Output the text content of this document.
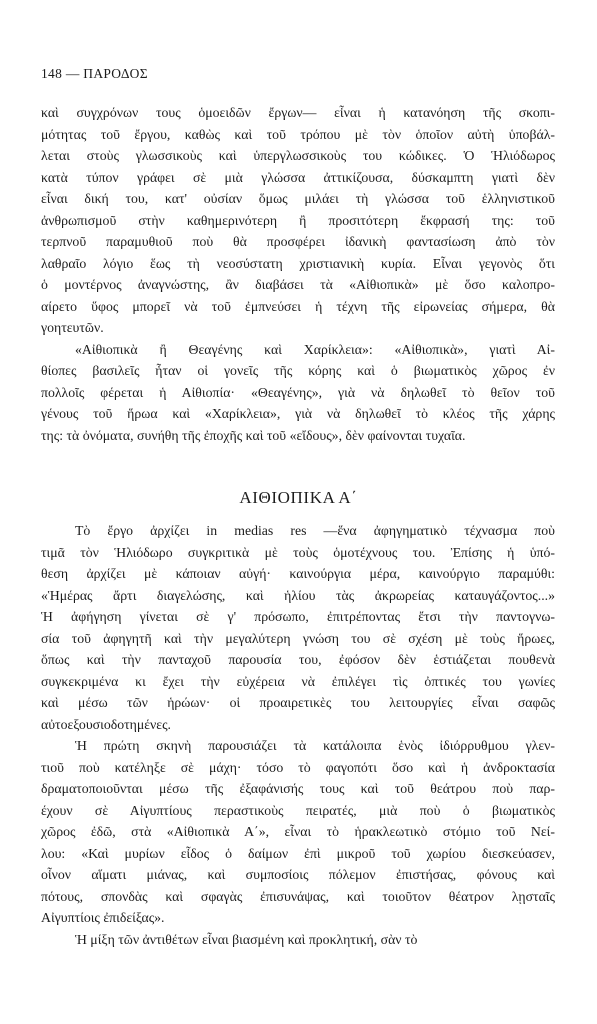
148 — ΠΑΡΟΔΟΣ
καὶ συγχρόνων τους ὁμοειδῶν ἔργων— εἶναι ἡ κατανόηση τῆς σκοπι-
μότητας τοῦ ἔργου, καθὼς καὶ τοῦ τρόπου μὲ τὸν ὁποῖον αὐτὴ ὑποβάλ-
λεται στοὺς γλωσσικοὺς καὶ ὑπεργλωσσικοὺς του κώδικες. Ὁ Ἡλιόδωρος
κατὰ τύπον γράφει σὲ μιὰ γλώσσα ἀττικίζουσα, δύσκαμπτη γιατὶ δὲν
εἶναι δική του, κατ' οὐσίαν ὅμως μιλάει τὴ γλώσσα τοῦ ἑλληνιστικοῦ
ἀνθρωπισμοῦ στὴν καθημερινότερη ἢ προσιτότερη ἔκφρασή της: τοῦ
τερπνοῦ παραμυθιοῦ ποὺ θὰ προσφέρει ἰδανικὴ φαντασίωση ἀπὸ τὸν
λαθραῖο λόγιο ἕως τὴ νεοσύστατη χριστιανικὴ κυρία. Εἶναι γεγονὸς ὅτι
ὁ μοντέρνος ἀναγνώστης, ἂν διαβάσει τὰ «Αἰθιοπικὰ» μὲ ὅσο καλοπρο-
αίρετο ὕφος μπορεῖ νὰ τοῦ ἐμπνεύσει ἡ τέχνη τῆς εἰρωνείας σήμερα, θὰ
γοητευτῶν.
«Αἰθιοπικὰ ἢ Θεαγένης καὶ Χαρίκλεια»: «Αἰθιοπικὰ», γιατὶ Αἰ-
θίοπες βασιλεῖς ἦταν οἱ γονεῖς τῆς κόρης καὶ ὁ βιωματικὸς χῶρος ἐν
πολλοῖς φέρεται ἡ Αἰθιοπία· «Θεαγένης», γιὰ νὰ δηλωθεῖ τὸ θεῖον τοῦ
γένους τοῦ ἥρωα καὶ «Χαρίκλεια», γιὰ νὰ δηλωθεῖ τὸ κλέος τῆς χάρης
της: τὰ ὀνόματα, συνήθη τῆς ἐποχῆς καὶ τοῦ «εἴδους», δὲν φαίνονται τυχαῖα.
ΑΙΘΙΟΠΙΚΑ Α΄
Τὸ ἔργο ἀρχίζει in medias res —ἕνα ἀφηγηματικὸ τέχνασμα ποὺ
τιμᾶ τὸν Ἡλιόδωρο συγκριτικὰ μὲ τοὺς ὁμοτέχνους του. Ἐπίσης ἡ ὑπό-
θεση ἀρχίζει μὲ κάποιαν αὐγή· καινούργια μέρα, καινούργιο παραμύθι:
«Ἡμέρας ἄρτι διαγελώσης, καὶ ἡλίου τὰς ἀκρωρείας καταυγάζοντος...»
Ἡ ἀφήγηση γίνεται σὲ γ' πρόσωπο, ἐπιτρέποντας ἔτσι τὴν παντογνω-
σία τοῦ ἀφηγητῆ καὶ τὴν μεγαλύτερη γνώση του σὲ σχέση μὲ τοὺς ἥρωες,
ὅπως καὶ τὴν πανταχοῦ παρουσία του, ἐφόσον δὲν ἑστιάζεται πουθενὰ
συγκεκριμένα κι ἔχει τὴν εὐχέρεια νὰ ἐπιλέγει τὶς ὀπτικές του γωνίες
καὶ μέσω τῶν ἡρώων· οἱ προαιρετικὲς του λειτουργίες εἶναι σαφῶς
αὐτοεξουσιοδοτημένες.
Ἡ πρώτη σκηνὴ παρουσιάζει τὰ κατάλοιπα ἑνὸς ἰδιόρρυθμου γλεν-
τιοῦ ποὺ κατέληξε σὲ μάχη· τόσο τὸ φαγοπότι ὅσο καὶ ἡ ἀνδροκτασία
δραματοποιοῦνται μέσω τῆς ἐξαφάνισής τους καὶ τοῦ θεάτρου ποὺ παρ-
έχουν σὲ Αἰγυπτίους περαστικοὺς πειρατές, μιὰ ποὺ ὁ βιωματικὸς
χῶρος ἐδῶ, στὰ «Αἰθιοπικὰ Α΄», εἶναι τὸ ἡρακλεωτικὸ στόμιο τοῦ Νεί-
λου: «Καὶ μυρίων εἶδος ὁ δαίμων ἐπὶ μικροῦ τοῦ χωρίου διεσκεύασεν,
οἶνον αἵματι μιάνας, καὶ συμποσίοις πόλεμον ἐπιστήσας, φόνους καὶ
πότους, σπονδὰς καὶ σφαγὰς ἐπισυνάψας, καὶ τοιοῦτον θέατρον λῃσταῖς
Αἰγυπτίοις ἐπιδείξας».
Ἡ μίξη τῶν ἀντιθέτων εἶναι βιασμένη καὶ προκλητική, σὰν τὸ
